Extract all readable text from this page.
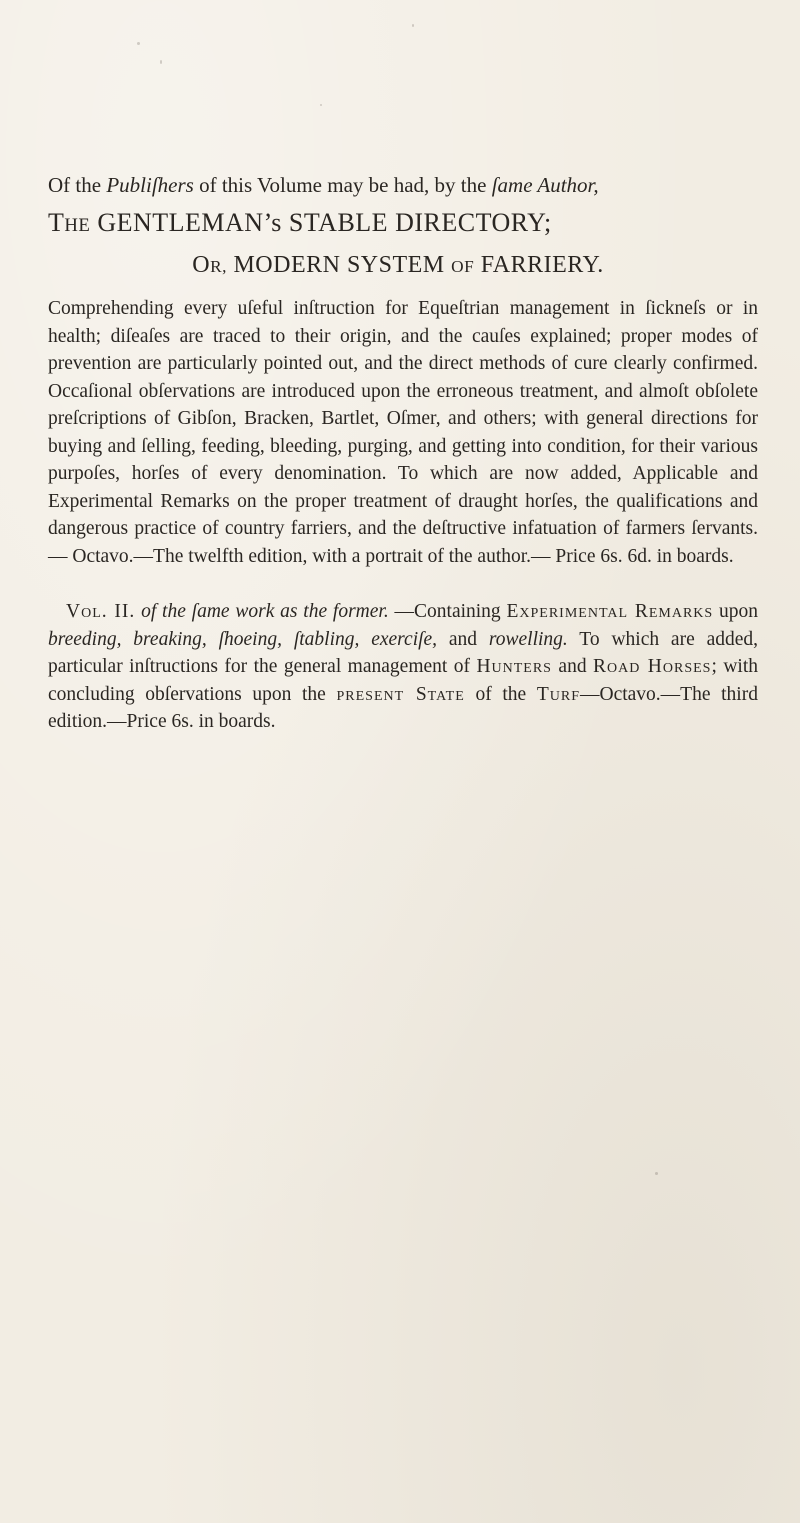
Of the Publiſhers of this Volume may be had, by the ſame Author,

THE GENTLEMAN’s STABLE DIRECTORY;

OR, MODERN SYSTEM OF FARRIERY.

Comprehending every uſeful inſtruction for Equeſtrian management in ſickneſs or in health; diſeaſes are traced to their origin, and the cauſes explained; proper modes of prevention are particularly pointed out, and the direct methods of cure clearly confirmed. Occaſional obſervations are introduced upon the erroneous treatment, and almoſt obſolete preſcriptions of Gibſon, Bracken, Bartlet, Oſmer, and others; with general directions for buying and ſelling, feeding, bleeding, purging, and getting into condition, for their various purpoſes, horſes of every denomination. To which are now added, Applicable and Experimental Remarks on the proper treatment of draught horſes, the qualifications and dangerous practice of country farriers, and the deſtructive infatuation of farmers ſervants.— Octavo.—The twelfth edition, with a portrait of the author.— Price 6s. 6d. in boards.

Vol. II. of the ſame work as the former. —Containing Experimental Remarks upon breeding, breaking, ſhoeing, ſtabling, exerciſe, and rowelling. To which are added, particular inſtructions for the general management of Hunters and Road Horses; with concluding obſervations upon the present State of the Turf—Octavo.—The third edition.—Price 6s. in boards.
